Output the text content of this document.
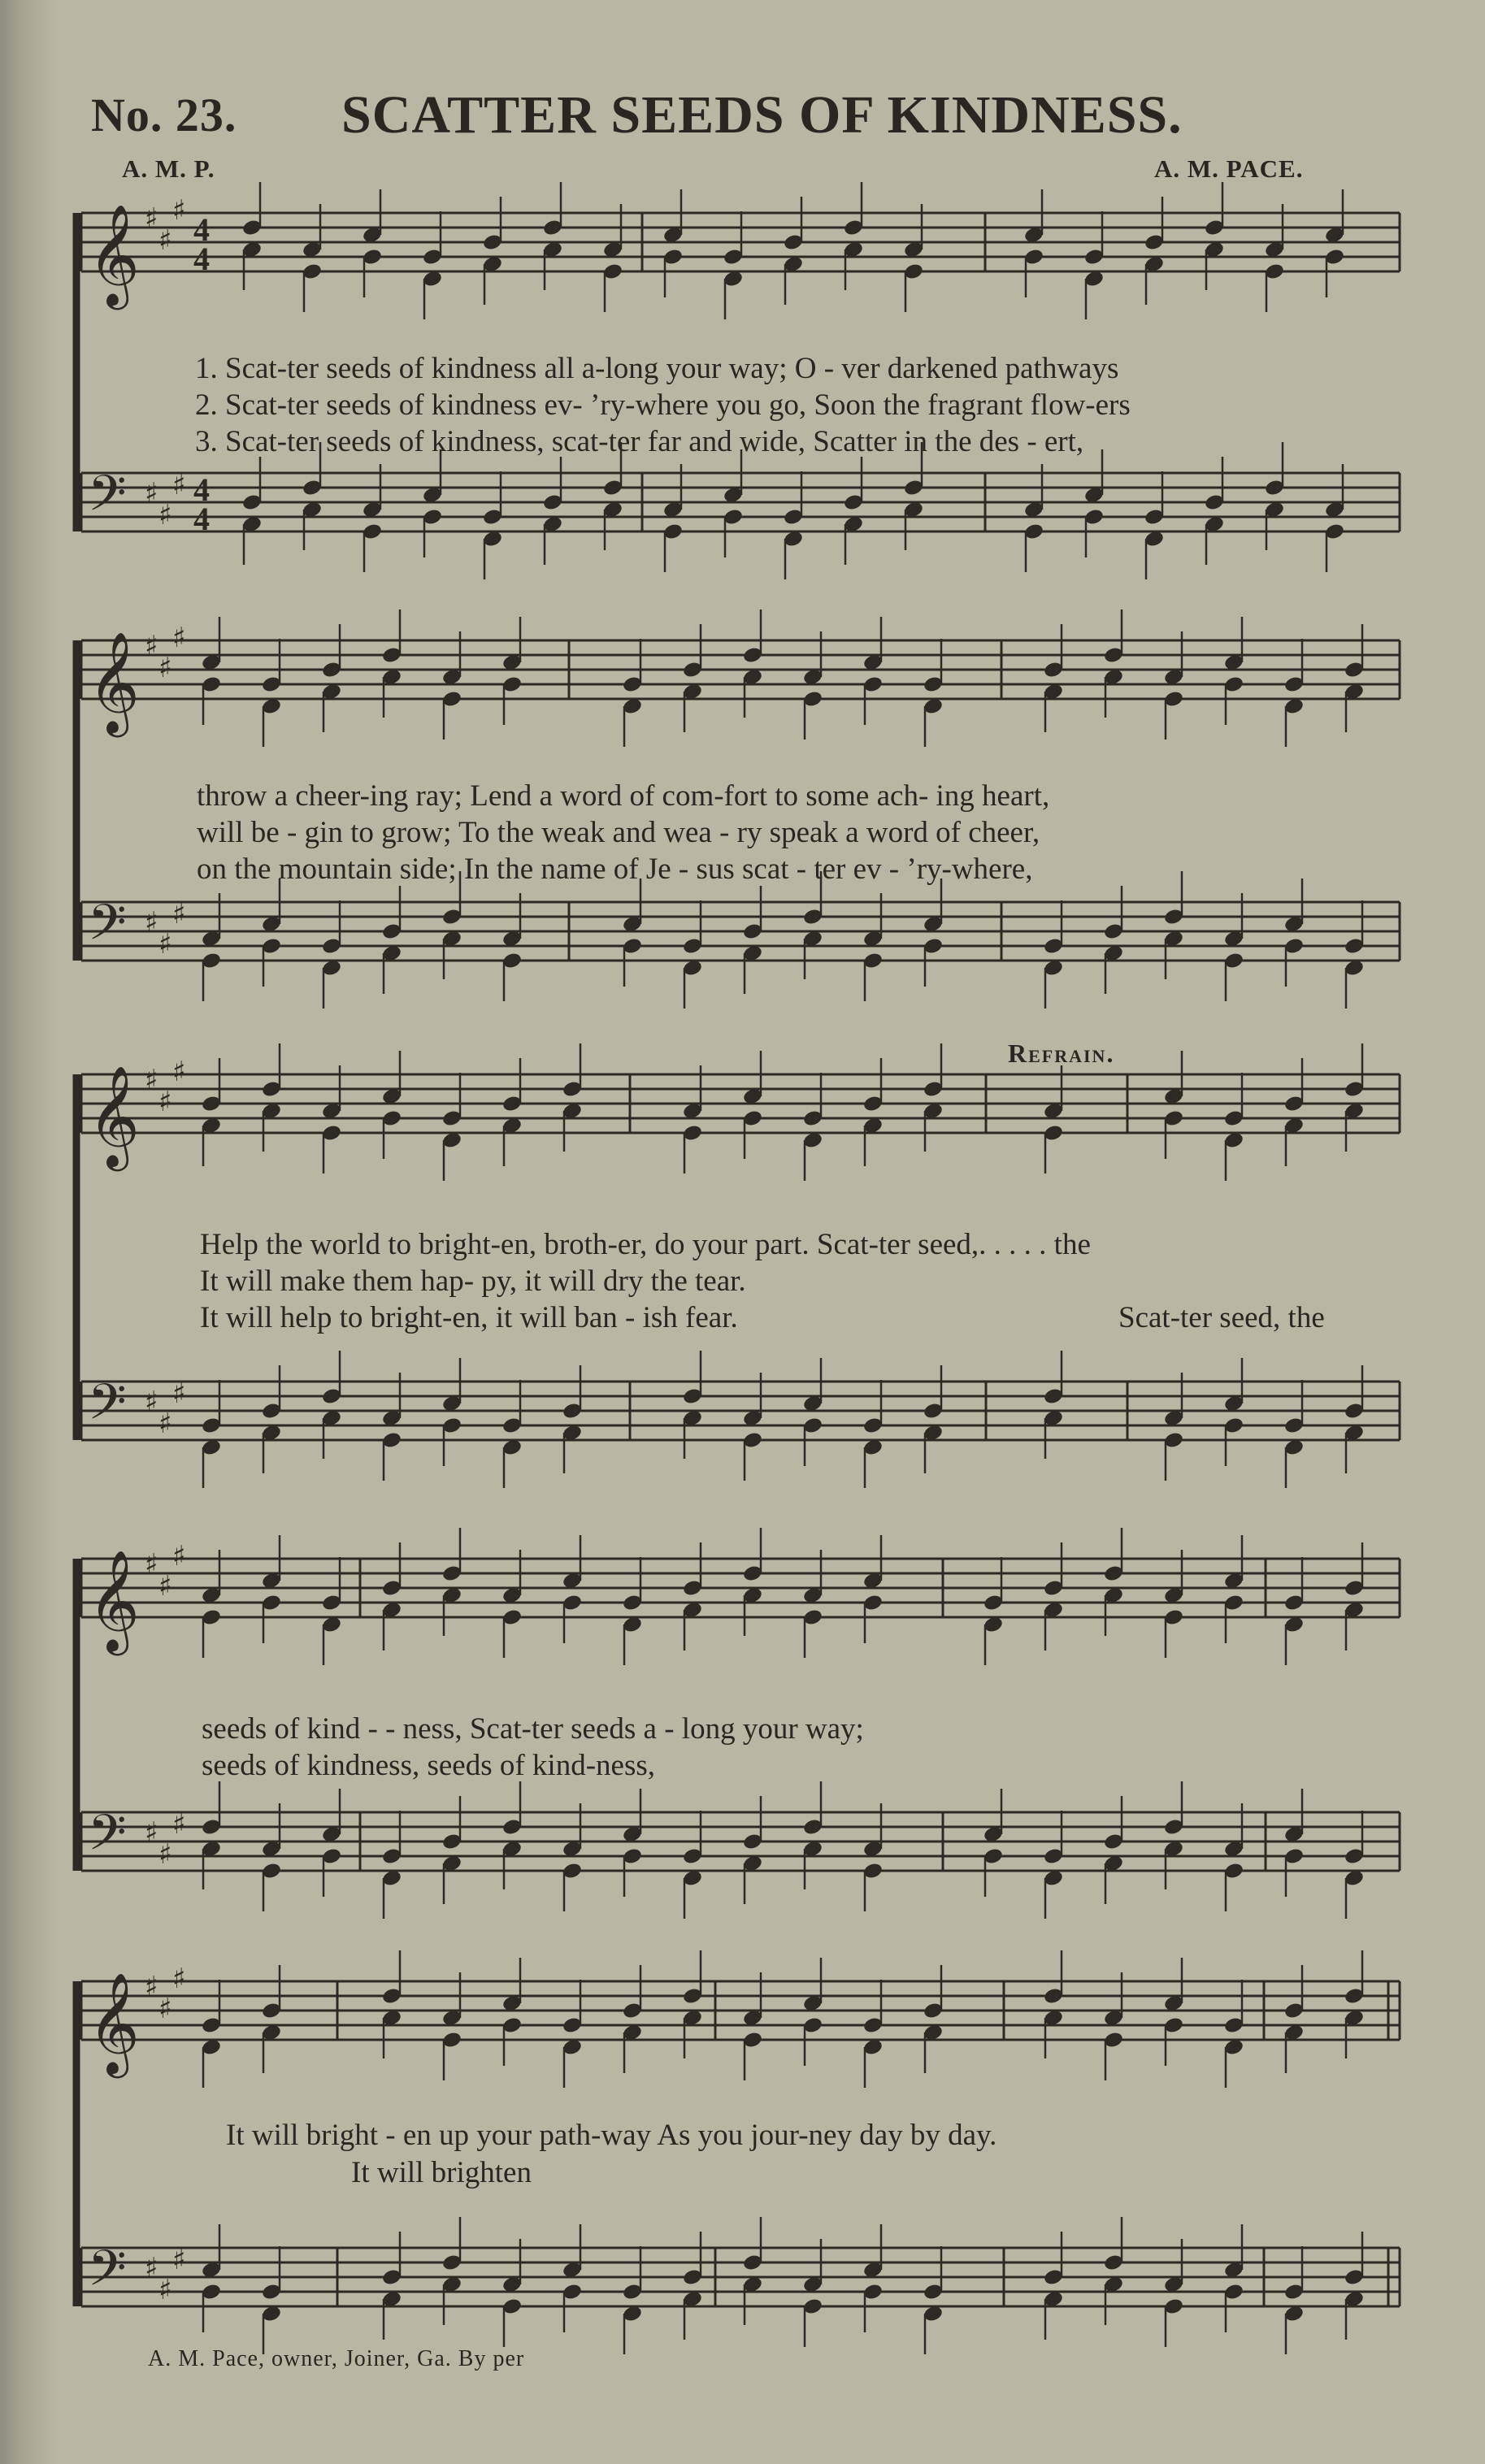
No. 23. SCATTER SEEDS OF KINDNESS.
A. M. P.	A. M. PACE.
𝄞 ♯
♯
♯
4
4
𝄢 ♯
♯
♯ 4
4
𝄞 ♯
♯
♯
𝄢 ♯
♯
♯
𝄞 ♯
♯
♯
𝄢 ♯
♯
♯
𝄞 ♯
♯
♯
𝄢 ♯
♯
♯
𝄞 ♯
♯
♯
𝄢 ♯
♯
♯
1. Scat-ter seeds of kindness all a-long your way; O - ver darkened pathways
2. Scat-ter seeds of kindness ev- ’ry-where you go, Soon the fragrant flow-ers
3. Scat-ter seeds of kindness, scat-ter far and wide, Scatter in the des - ert,
throw a cheer-ing ray; Lend a word of com-fort to some ach- ing heart,
will be - gin to grow; To the weak and wea - ry speak a word of cheer,
on the mountain side; In the name of Je - sus scat - ter ev - ’ry-where,
Refrain.
Help the world to bright-en, broth-er, do your part. Scat-ter seed,. . . . . the
It will make them hap- py, it will dry the tear.
It will help to bright-en, it will ban - ish fear.	Scat-ter seed, the
seeds of kind - - ness, Scat-ter seeds a - long your way;
seeds of kindness, seeds of kind-ness,
It will bright - en up your path-way As you jour-ney day by day.
It will brighten
A. M. Pace, owner, Joiner, Ga. By per
